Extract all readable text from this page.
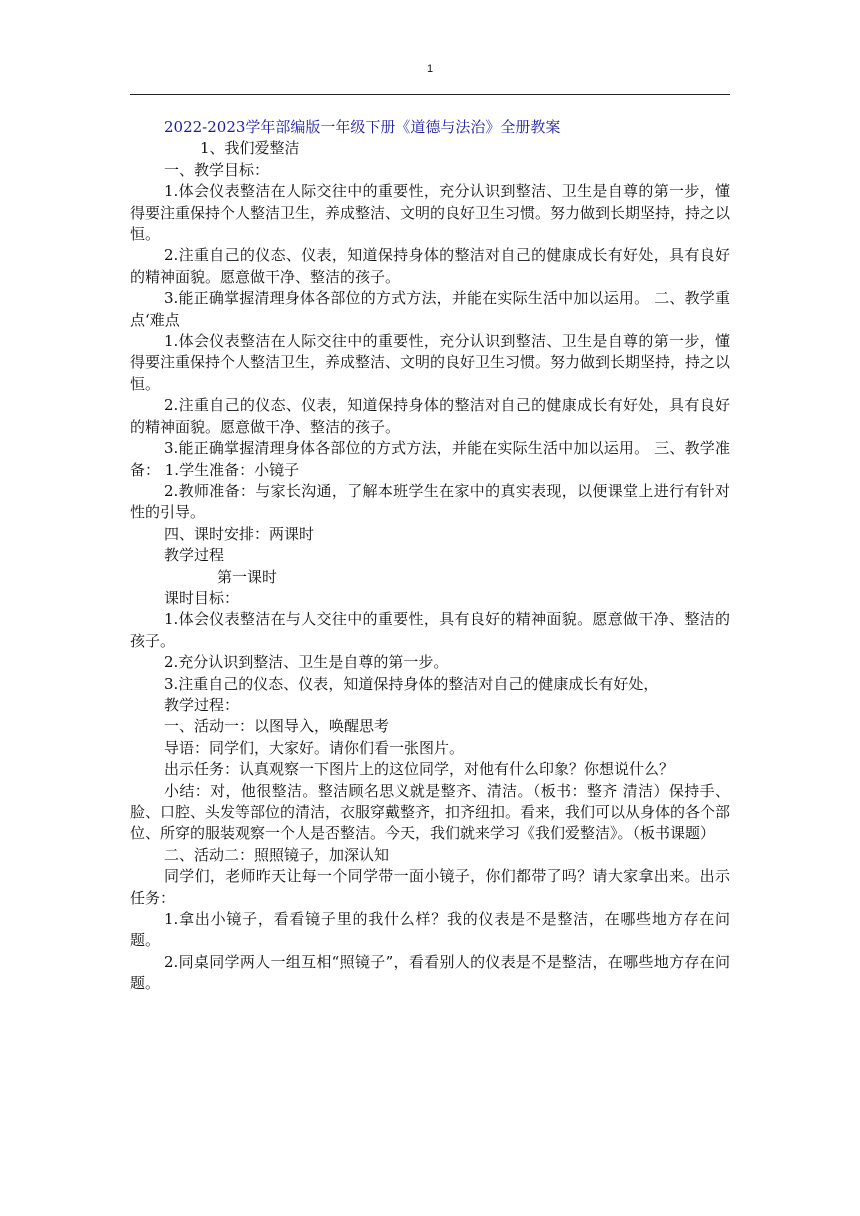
1
2022-2023学年部编版一年级下册《道德与法治》全册教案
1、我们爱整洁

一、教学目标：

1.体会仪表整洁在人际交往中的重要性，充分认识到整洁、卫生是自尊的第一步，懂得要注重保持个人整洁卫生，养成整洁、文明的良好卫生习惯。努力做到长期坚持，持之以恒。

2.注重自己的仪态、仪表，知道保持身体的整洁对自己的健康成长有好处，具有良好的精神面貌。愿意做干净、整洁的孩子。

3.能正确掌握清理身体各部位的方式方法，并能在实际生活中加以运用。 二、教学重点‘难点

1.体会仪表整洁在人际交往中的重要性，充分认识到整洁、卫生是自尊的第一步，懂得要注重保持个人整洁卫生，养成整洁、文明的良好卫生习惯。努力做到长期坚持，持之以恒。

2.注重自己的仪态、仪表，知道保持身体的整洁对自己的健康成长有好处，具有良好的精神面貌。愿意做干净、整洁的孩子。

3.能正确掌握清理身体各部位的方式方法，并能在实际生活中加以运用。 三、教学准备： 1.学生准备：小镜子

2.教师准备：与家长沟通，了解本班学生在家中的真实表现，以便课堂上进行有针对性的引导。

四、课时安排：两课时

教学过程

第一课时

课时目标：

1.体会仪表整洁在与人交往中的重要性，具有良好的精神面貌。愿意做干净、整洁的孩子。

2.充分认识到整洁、卫生是自尊的第一步。

3.注重自己的仪态、仪表，知道保持身体的整洁对自己的健康成长有好处，

教学过程：

一、活动一：以图导入，唤醒思考

导语：同学们，大家好。请你们看一张图片。

出示任务：认真观察一下图片上的这位同学，对他有什么印象？你想说什么？

小结：对，他很整洁。整洁顾名思义就是整齐、清洁。（板书：整齐 清洁）保持手、脸、口腔、头发等部位的清洁，衣服穿戴整齐，扣齐纽扣。看来，我们可以从身体的各个部位、所穿的服装观察一个人是否整洁。今天，我们就来学习《我们爱整洁》。（板书课题）

二、活动二：照照镜子，加深认知

同学们，老师昨天让每一个同学带一面小镜子，你们都带了吗？请大家拿出来。出示任务：

1.拿出小镜子，看看镜子里的我什么样？我的仪表是不是整洁，在哪些地方存在问题。

2.同桌同学两人一组互相“照镜子”，看看别人的仪表是不是整洁，在哪些地方存在问题。
